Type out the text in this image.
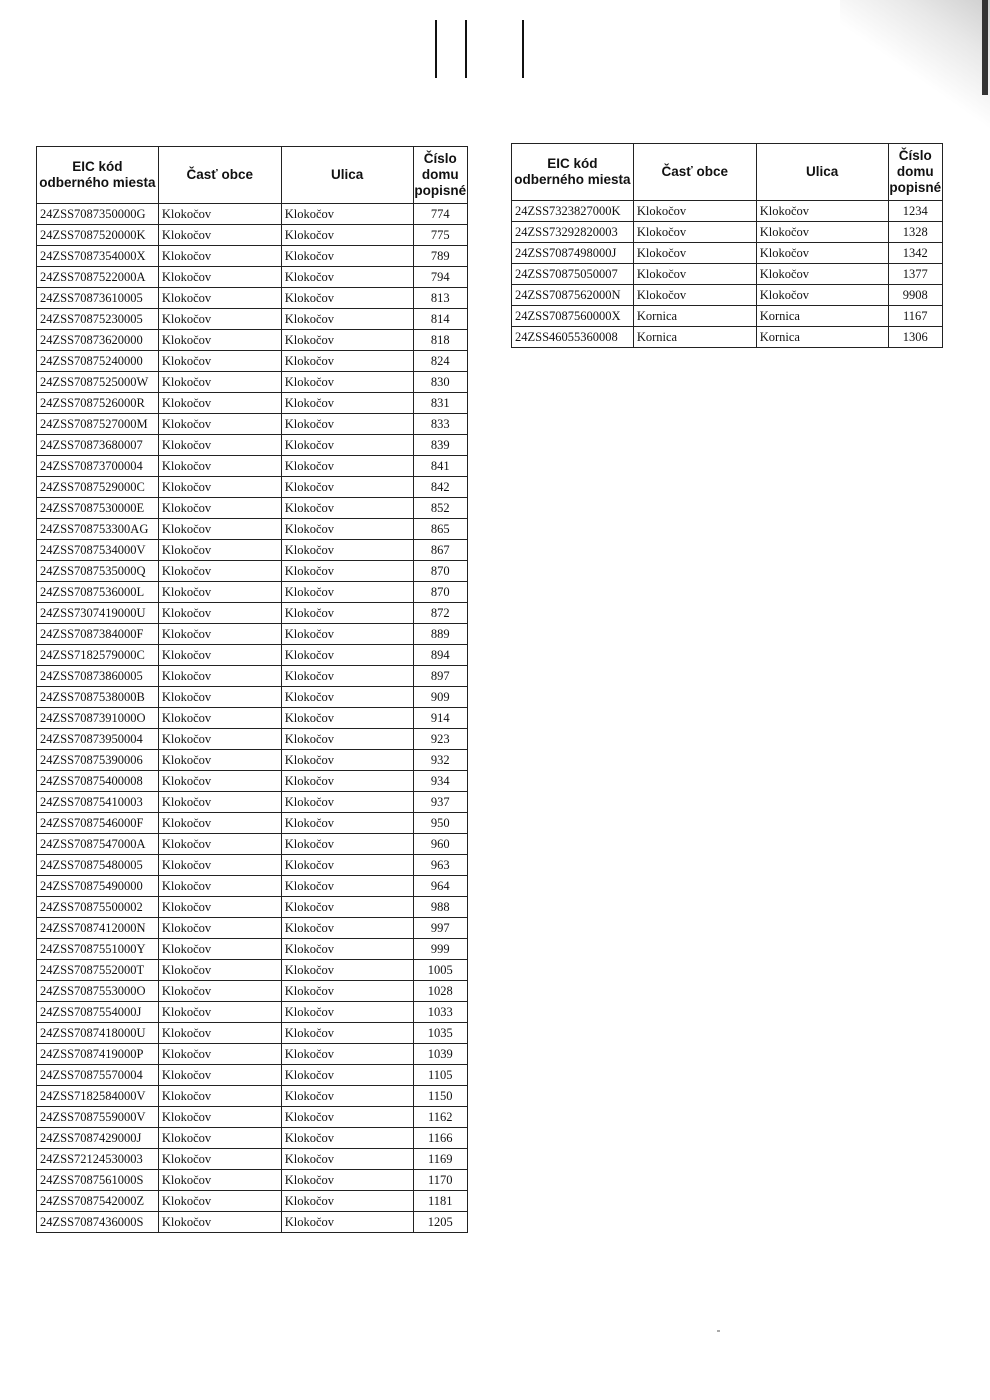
EIC kód odberného miesta	Časť obce	Ulica	Číslo domu popisné
24ZSS7087350000G	Klokočov	Klokočov	774
24ZSS7087520000K	Klokočov	Klokočov	775
24ZSS7087354000X	Klokočov	Klokočov	789
24ZSS7087522000A	Klokočov	Klokočov	794
24ZSS70873610005	Klokočov	Klokočov	813
24ZSS70875230005	Klokočov	Klokočov	814
24ZSS70873620000	Klokočov	Klokočov	818
24ZSS70875240000	Klokočov	Klokočov	824
24ZSS7087525000W	Klokočov	Klokočov	830
24ZSS7087526000R	Klokočov	Klokočov	831
24ZSS7087527000M	Klokočov	Klokočov	833
24ZSS70873680007	Klokočov	Klokočov	839
24ZSS70873700004	Klokočov	Klokočov	841
24ZSS7087529000C	Klokočov	Klokočov	842
24ZSS7087530000E	Klokočov	Klokočov	852
24ZSS708753300AG	Klokočov	Klokočov	865
24ZSS7087534000V	Klokočov	Klokočov	867
24ZSS7087535000Q	Klokočov	Klokočov	870
24ZSS7087536000L	Klokočov	Klokočov	870
24ZSS7307419000U	Klokočov	Klokočov	872
24ZSS7087384000F	Klokočov	Klokočov	889
24ZSS7182579000C	Klokočov	Klokočov	894
24ZSS70873860005	Klokočov	Klokočov	897
24ZSS7087538000B	Klokočov	Klokočov	909
24ZSS7087391000O	Klokočov	Klokočov	914
24ZSS70873950004	Klokočov	Klokočov	923
24ZSS70875390006	Klokočov	Klokočov	932
24ZSS70875400008	Klokočov	Klokočov	934
24ZSS70875410003	Klokočov	Klokočov	937
24ZSS7087546000F	Klokočov	Klokočov	950
24ZSS7087547000A	Klokočov	Klokočov	960
24ZSS70875480005	Klokočov	Klokočov	963
24ZSS70875490000	Klokočov	Klokočov	964
24ZSS70875500002	Klokočov	Klokočov	988
24ZSS7087412000N	Klokočov	Klokočov	997
24ZSS7087551000Y	Klokočov	Klokočov	999
24ZSS7087552000T	Klokočov	Klokočov	1005
24ZSS7087553000O	Klokočov	Klokočov	1028
24ZSS7087554000J	Klokočov	Klokočov	1033
24ZSS7087418000U	Klokočov	Klokočov	1035
24ZSS7087419000P	Klokočov	Klokočov	1039
24ZSS70875570004	Klokočov	Klokočov	1105
24ZSS7182584000V	Klokočov	Klokočov	1150
24ZSS7087559000V	Klokočov	Klokočov	1162
24ZSS7087429000J	Klokočov	Klokočov	1166
24ZSS72124530003	Klokočov	Klokočov	1169
24ZSS7087561000S	Klokočov	Klokočov	1170
24ZSS7087542000Z	Klokočov	Klokočov	1181
24ZSS7087436000S	Klokočov	Klokočov	1205
EIC kód odberného miesta	Časť obce	Ulica	Číslo domu popisné
24ZSS7323827000K	Klokočov	Klokočov	1234
24ZSS73292820003	Klokočov	Klokočov	1328
24ZSS7087498000J	Klokočov	Klokočov	1342
24ZSS70875050007	Klokočov	Klokočov	1377
24ZSS7087562000N	Klokočov	Klokočov	9908
24ZSS7087560000X	Kornica	Kornica	1167
24ZSS46055360008	Kornica	Kornica	1306
